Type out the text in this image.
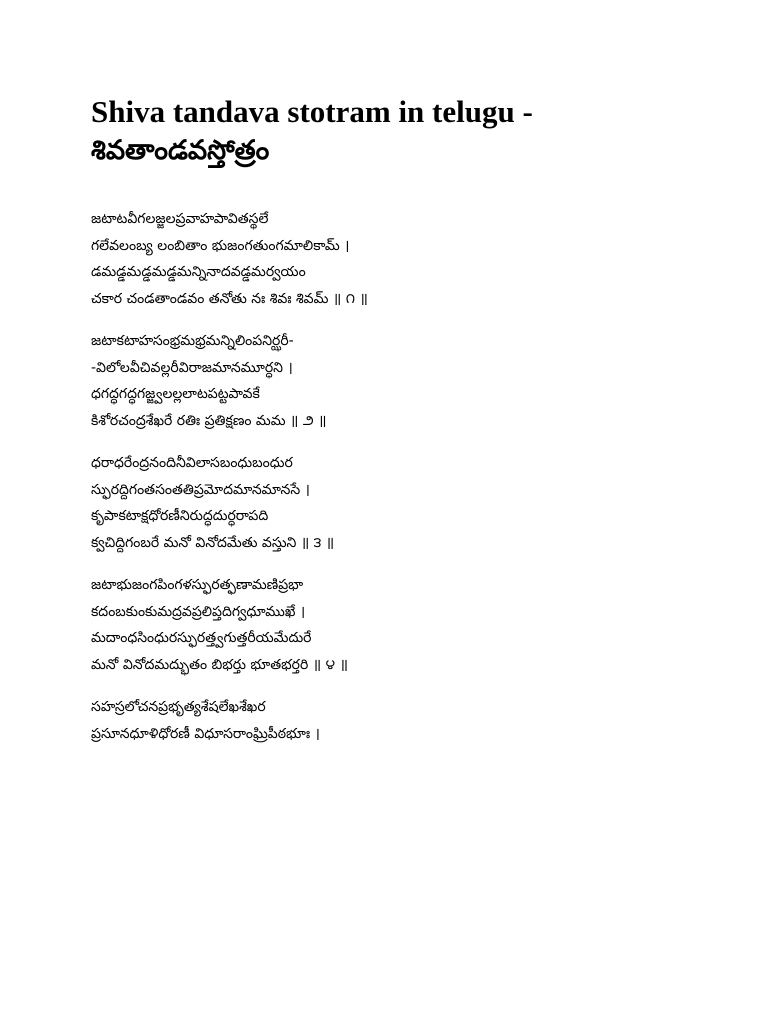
Shiva tandava stotram in telugu -
శివతాండవస్తోత్రం
జటాటవీగలజ్జలప్రవాహపావితస్థలే
గలేవలంబ్య లంబితాం భుజంగతుంగమాలికామ్ ।
డమడ్డమడ్డమడ్డమన్నినాదవడ్డమర్వయం
చకార చండతాండవం తనోతు నః శివః శివమ్ ॥ ౧ ॥
జటాకటాహసంభ్రమభ్రమన్నిలింపనిర్ఝరీ-
-విలోలవీచివల్లరీవిరాజమానమూర్ధని ।
ధగద్ధగద్ధగజ్జ్వలల్లలాటపట్టపావకే
కిశోరచంద్రశేఖరే రతిః ప్రతిక్షణం మమ ॥ ౨ ॥
ధరాధరేంద్రనందినీవిలాసబంధుబంధుర
స్ఫురద్దిగంతసంతతిప్రమోదమానమానసే ।
కృపాకటాక్షధోరణీనిరుద్ధదుర్ధరాపది
క్వచిద్దిగంబరే మనో వినోదమేతు వస్తుని ॥ ౩ ॥
జటాభుజంగపింగళస్ఫురత్ఫణామణిప్రభా
కదంబకుంకుమద్రవప్రలిప్తదిగ్వధూముఖే ।
మదాంధసింధురస్ఫురత్త్వగుత్తరీయమేదురే
మనో వినోదమద్భుతం బిభర్తు భూతభర్తరి ॥ ౪ ॥
సహస్రలోచనప్రభృత్యశేషలేఖశేఖర
ప్రసూనధూళిధోరణీ విధూసరాంఘ్రిపీఠభూః ।
